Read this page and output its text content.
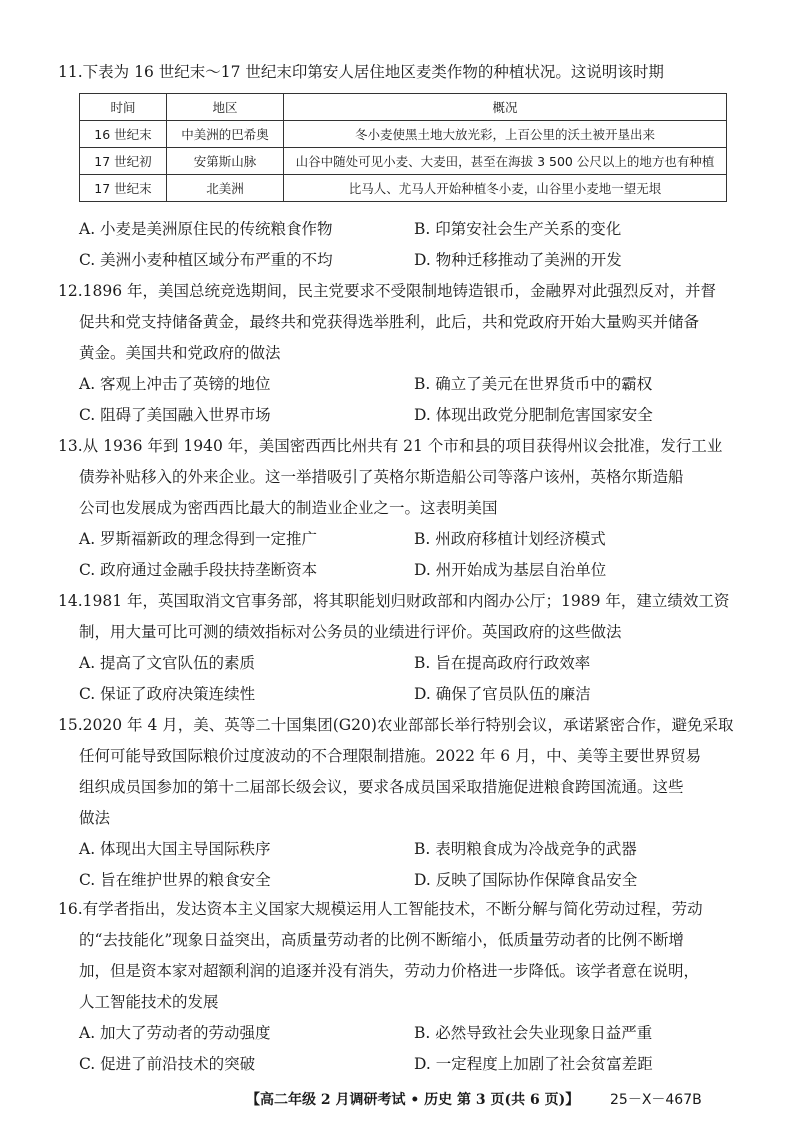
11.下表为 16 世纪末～17 世纪末印第安人居住地区麦类作物的种植状况。这说明该时期
时间	地区	概况
16 世纪末	中美洲的巴希奥	冬小麦使黑土地大放光彩，上百公里的沃土被开垦出来
17 世纪初	安第斯山脉	山谷中随处可见小麦、大麦田，甚至在海拔 3 500 公尺以上的地方也有种植
17 世纪末	北美洲	比马人、尤马人开始种植冬小麦，山谷里小麦地一望无垠
A. 小麦是美洲原住民的传统粮食作物	B. 印第安社会生产关系的变化
C. 美洲小麦种植区域分布严重的不均	D. 物种迁移推动了美洲的开发
12.1896 年，美国总统竞选期间，民主党要求不受限制地铸造银币，金融界对此强烈反对，并督
促共和党支持储备黄金，最终共和党获得选举胜利，此后，共和党政府开始大量购买并储备
黄金。美国共和党政府的做法
A. 客观上冲击了英镑的地位	B. 确立了美元在世界货币中的霸权
C. 阻碍了美国融入世界市场	D. 体现出政党分肥制危害国家安全
13.从 1936 年到 1940 年，美国密西西比州共有 21 个市和县的项目获得州议会批准，发行工业
债券补贴移入的外来企业。这一举措吸引了英格尔斯造船公司等落户该州，英格尔斯造船
公司也发展成为密西西比最大的制造业企业之一。这表明美国
A. 罗斯福新政的理念得到一定推广	B. 州政府移植计划经济模式
C. 政府通过金融手段扶持垄断资本	D. 州开始成为基层自治单位
14.1981 年，英国取消文官事务部，将其职能划归财政部和内阁办公厅；1989 年，建立绩效工资
制，用大量可比可测的绩效指标对公务员的业绩进行评价。英国政府的这些做法
A. 提高了文官队伍的素质	B. 旨在提高政府行政效率
C. 保证了政府决策连续性	D. 确保了官员队伍的廉洁
15.2020 年 4 月，美、英等二十国集团(G20)农业部部长举行特别会议，承诺紧密合作，避免采取
任何可能导致国际粮价过度波动的不合理限制措施。2022 年 6 月，中、美等主要世界贸易
组织成员国参加的第十二届部长级会议，要求各成员国采取措施促进粮食跨国流通。这些
做法
A. 体现出大国主导国际秩序	B. 表明粮食成为冷战竞争的武器
C. 旨在维护世界的粮食安全	D. 反映了国际协作保障食品安全
16.有学者指出，发达资本主义国家大规模运用人工智能技术，不断分解与简化劳动过程，劳动
的“去技能化”现象日益突出，高质量劳动者的比例不断缩小，低质量劳动者的比例不断增
加，但是资本家对超额利润的追逐并没有消失，劳动力价格进一步降低。该学者意在说明，
人工智能技术的发展
A. 加大了劳动者的劳动强度	B. 必然导致社会失业现象日益严重
C. 促进了前沿技术的突破	D. 一定程度上加剧了社会贫富差距
【高二年级 2 月调研考试 • 历史 第 3 页(共 6 页)】 25－X－467B
